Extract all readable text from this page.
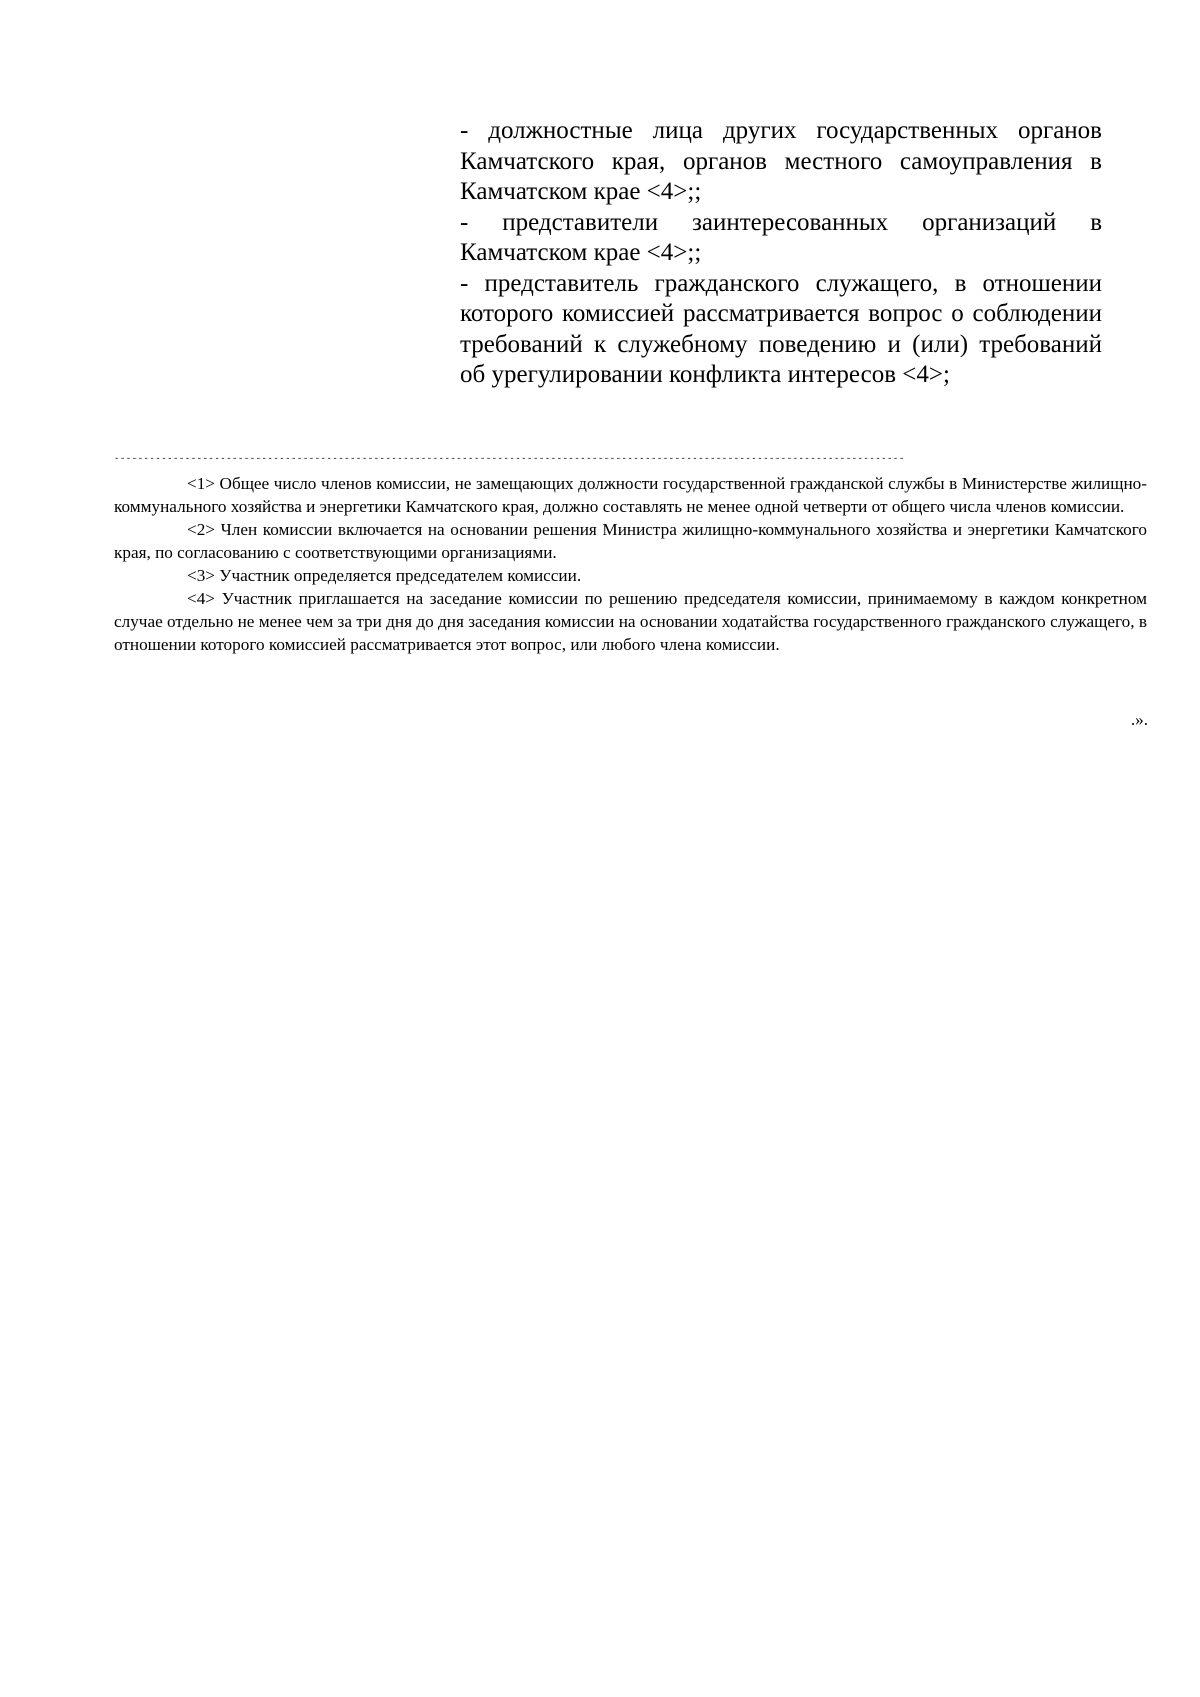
- должностные лица других государственных органов Камчатского края, органов местного самоуправления в Камчатском крае <4>;;

- представители заинтересованных организаций в Камчатском крае <4>;;

- представитель гражданского служащего, в отношении которого комиссией рассматривается вопрос о соблюдении требований к служебному поведению и (или) требований об урегулировании конфликта интересов <4>;

--------------------------------------------------------------------------------------------------------------------------------------

<1> Общее число членов комиссии, не замещающих должности государственной гражданской службы в Министерстве жилищно-коммунального хозяйства и энергетики Камчатского края, должно составлять не менее одной четверти от общего числа членов комиссии.

<2> Член комиссии включается на основании решения Министра жилищно-коммунального хозяйства и энергетики Камчатского края, по согласованию с соответствующими организациями.

<3> Участник определяется председателем комиссии.

<4> Участник приглашается на заседание комиссии по решению председателя комиссии, принимаемому в каждом конкретном случае отдельно не менее чем за три дня до дня заседания комиссии на основании ходатайства государственного гражданского служащего, в отношении которого комиссией рассматривается этот вопрос, или любого члена комиссии.

.».
